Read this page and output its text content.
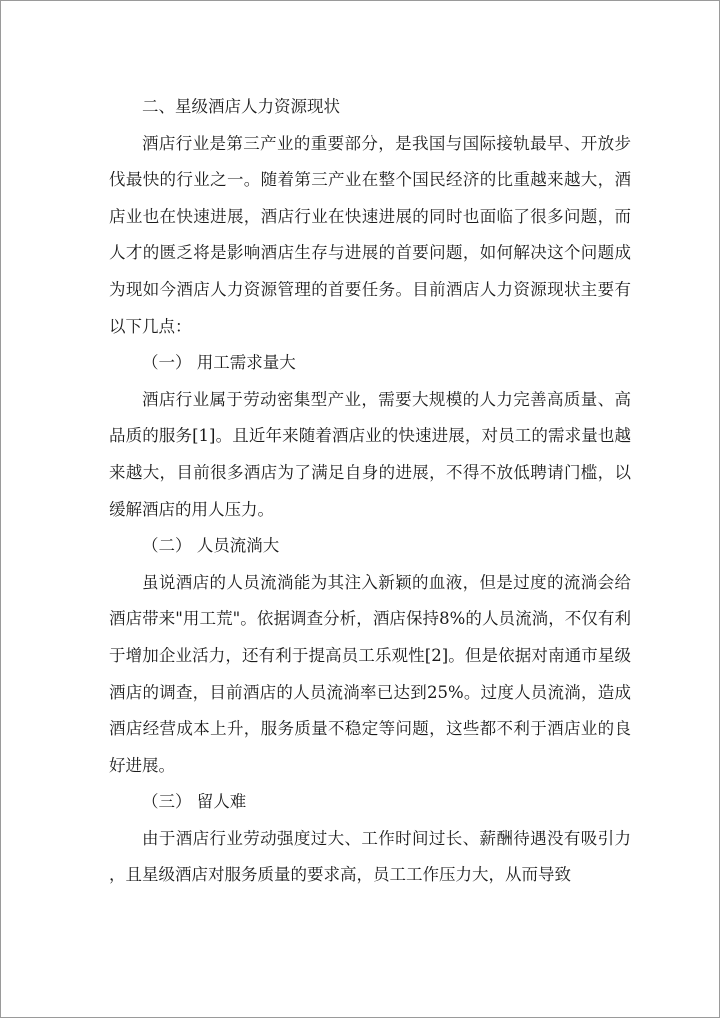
二、星级酒店人力资源现状

酒店行业是第三产业的重要部分，是我国与国际接轨最早、开放步伐最快的行业之一。随着第三产业在整个国民经济的比重越来越大，酒店业也在快速进展，酒店行业在快速进展的同时也面临了很多问题，而人才的匮乏将是影响酒店生存与进展的首要问题，如何解决这个问题成为现如今酒店人力资源管理的首要任务。目前酒店人力资源现状主要有以下几点：

（一） 用工需求量大

酒店行业属于劳动密集型产业，需要大规模的人力完善高质量、高品质的服务[1]。且近年来随着酒店业的快速进展，对员工的需求量也越来越大，目前很多酒店为了满足自身的进展，不得不放低聘请门槛，以缓解酒店的用人压力。

（二） 人员流淌大

虽说酒店的人员流淌能为其注入新颖的血液，但是过度的流淌会给酒店带来"用工荒"。依据调查分析，酒店保持8%的人员流淌，不仅有利于增加企业活力，还有利于提高员工乐观性[2]。但是依据对南通市星级酒店的调查，目前酒店的人员流淌率已达到25%。过度人员流淌，造成酒店经营成本上升，服务质量不稳定等问题，这些都不利于酒店业的良好进展。

（三） 留人难

由于酒店行业劳动强度过大、工作时间过长、薪酬待遇没有吸引力，且星级酒店对服务质量的要求高，员工工作压力大，从而导致
